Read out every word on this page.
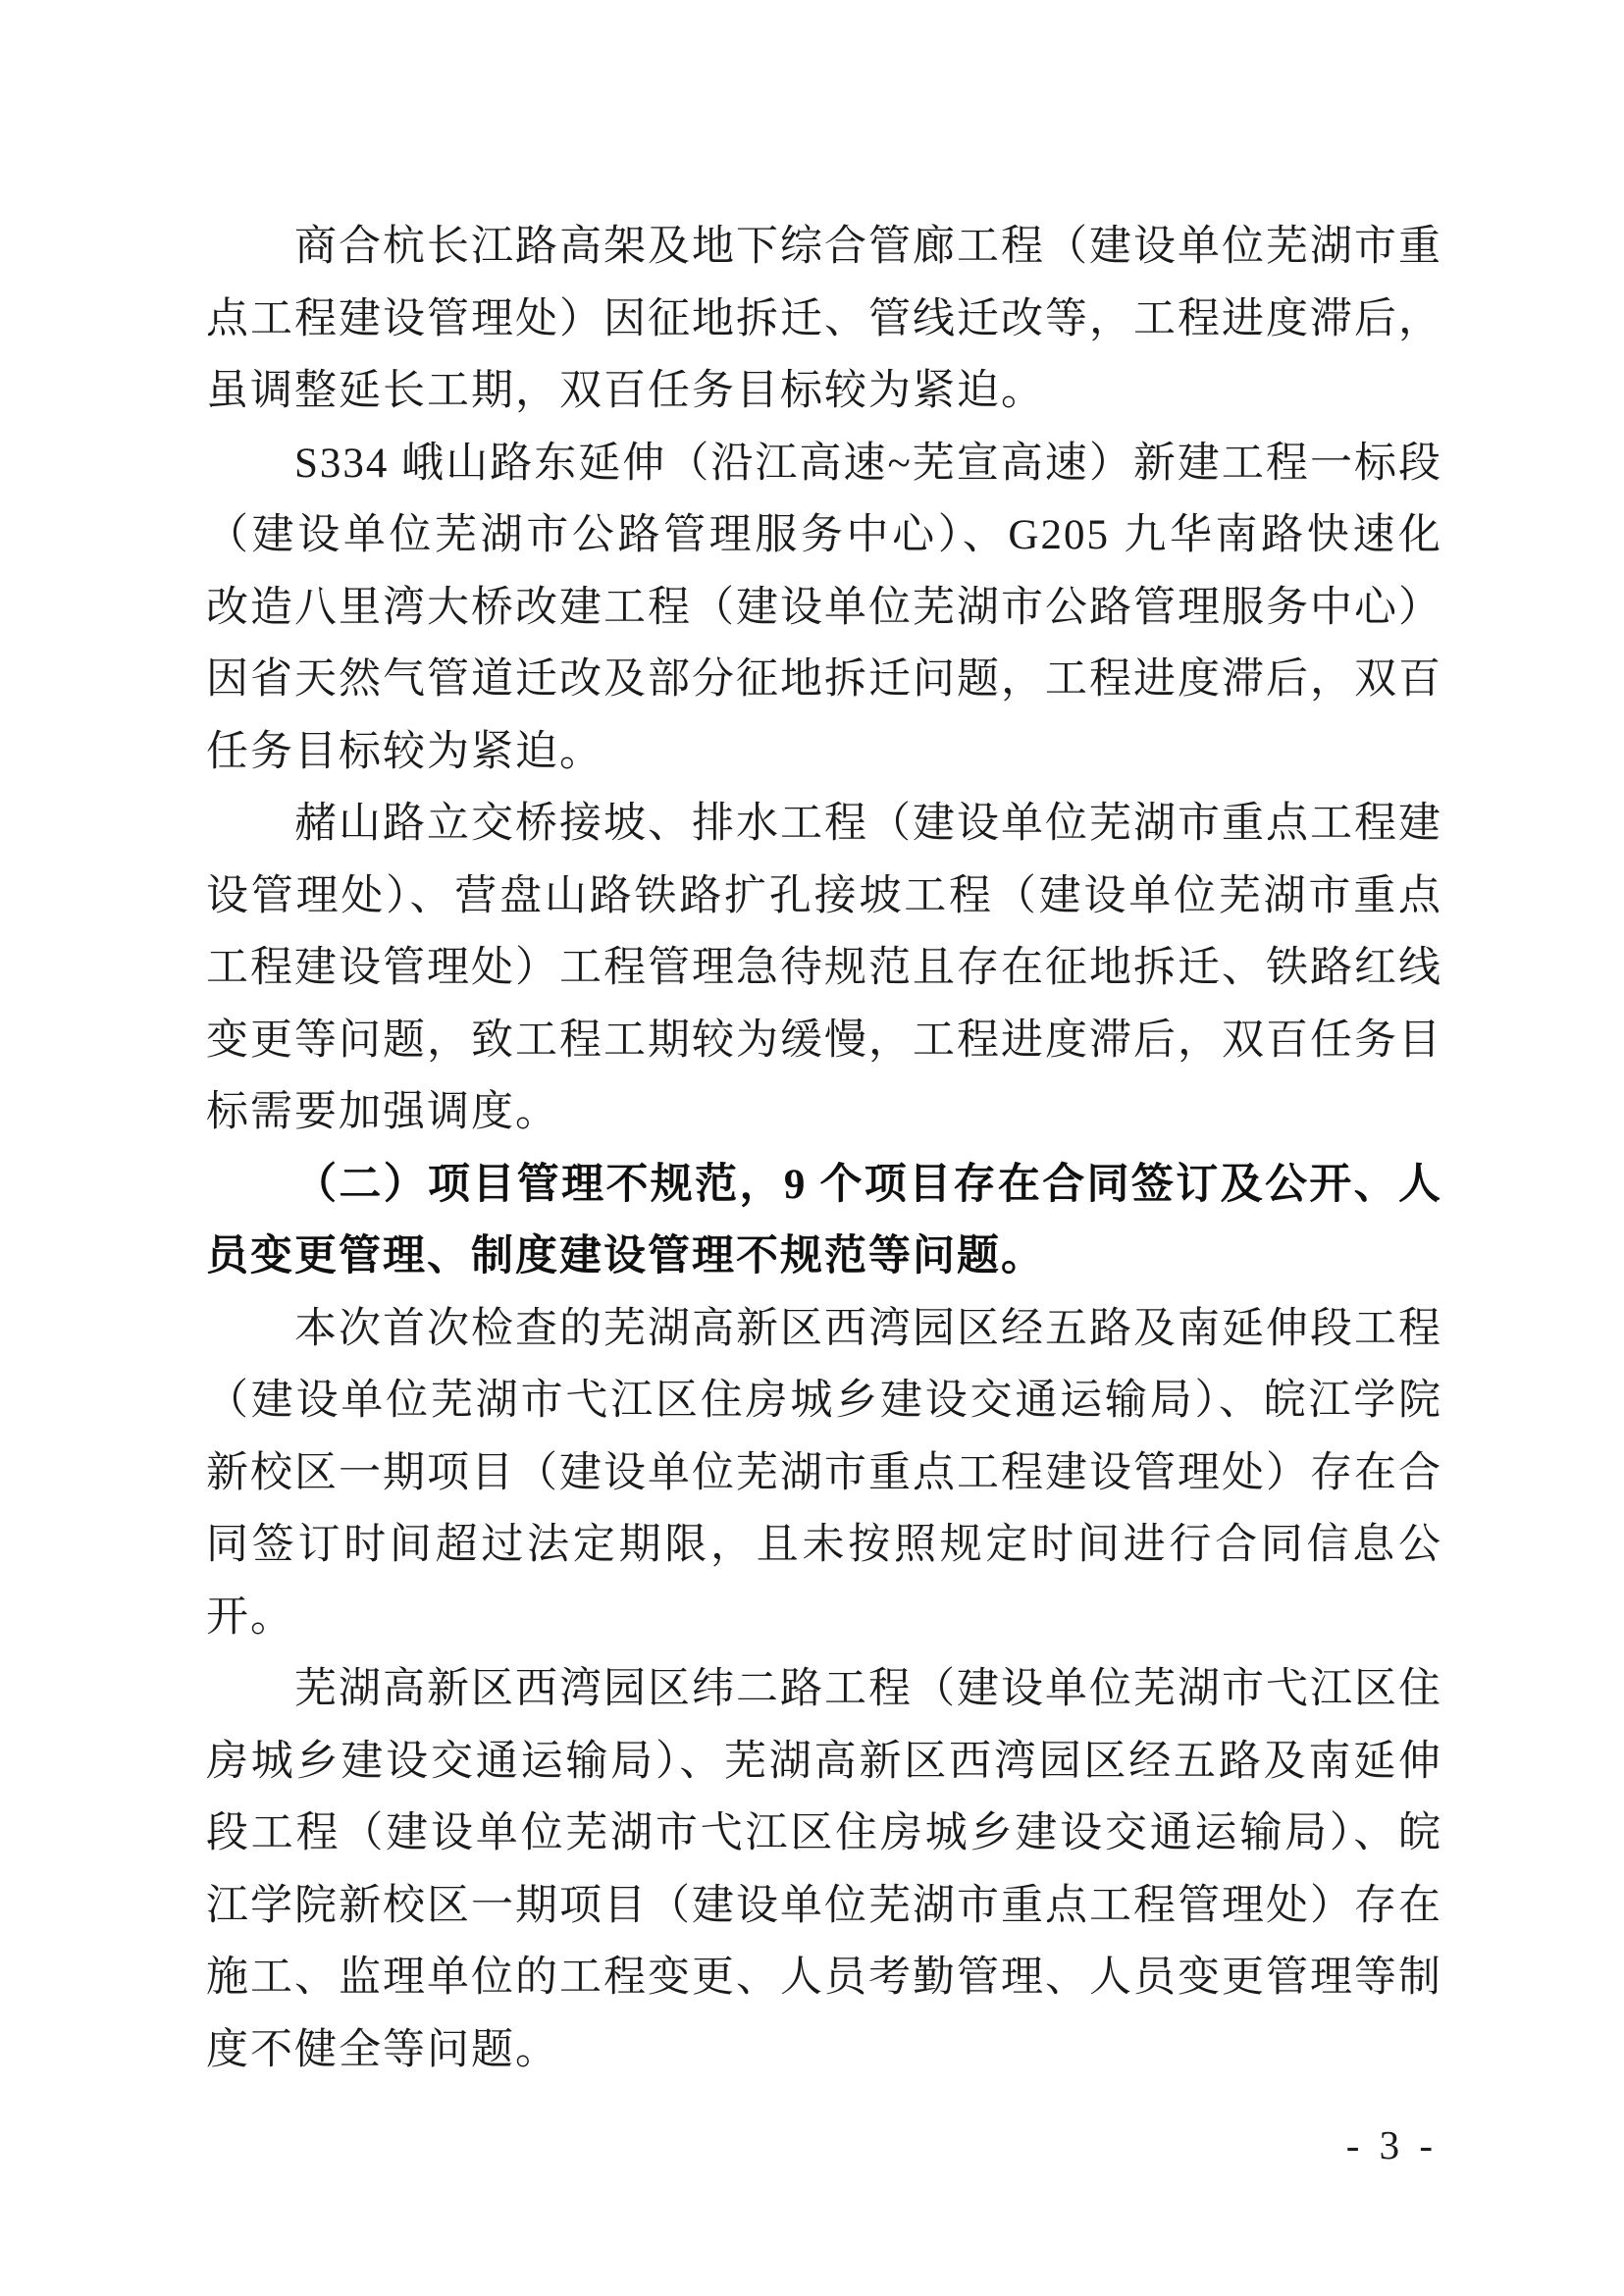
商合杭长江路高架及地下综合管廊工程（建设单位芜湖市重点工程建设管理处）因征地拆迁、管线迁改等，工程进度滞后，虽调整延长工期，双百任务目标较为紧迫。

S334 峨山路东延伸（沿江高速~芜宣高速）新建工程一标段（建设单位芜湖市公路管理服务中心）、G205 九华南路快速化改造八里湾大桥改建工程（建设单位芜湖市公路管理服务中心）因省天然气管道迁改及部分征地拆迁问题，工程进度滞后，双百任务目标较为紧迫。

赭山路立交桥接坡、排水工程（建设单位芜湖市重点工程建设管理处）、营盘山路铁路扩孔接坡工程（建设单位芜湖市重点工程建设管理处）工程管理急待规范且存在征地拆迁、铁路红线变更等问题，致工程工期较为缓慢，工程进度滞后，双百任务目标需要加强调度。

（二）项目管理不规范，9 个项目存在合同签订及公开、人员变更管理、制度建设管理不规范等问题。

本次首次检查的芜湖高新区西湾园区经五路及南延伸段工程（建设单位芜湖市弋江区住房城乡建设交通运输局）、皖江学院新校区一期项目（建设单位芜湖市重点工程建设管理处）存在合同签订时间超过法定期限，且未按照规定时间进行合同信息公开。

芜湖高新区西湾园区纬二路工程（建设单位芜湖市弋江区住房城乡建设交通运输局）、芜湖高新区西湾园区经五路及南延伸段工程（建设单位芜湖市弋江区住房城乡建设交通运输局）、皖江学院新校区一期项目（建设单位芜湖市重点工程管理处）存在施工、监理单位的工程变更、人员考勤管理、人员变更管理等制度不健全等问题。

- 3 -
